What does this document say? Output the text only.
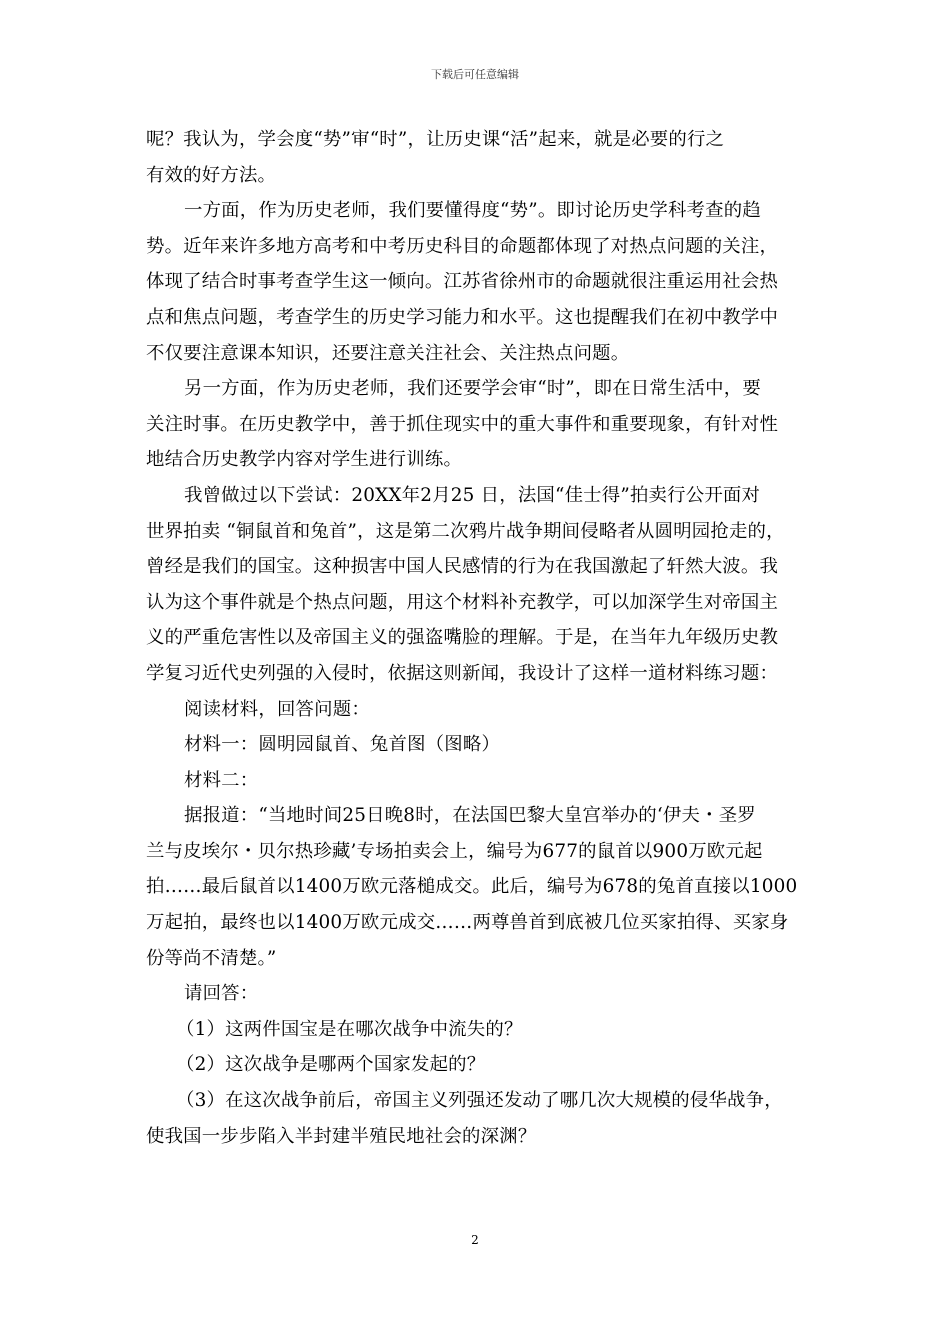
下载后可任意编辑
呢？我认为，学会度“势”审“时”，让历史课“活”起来，就是必要的行之
有效的好方法。
一方面，作为历史老师，我们要懂得度“势”。即讨论历史学科考查的趋
势。近年来许多地方高考和中考历史科目的命题都体现了对热点问题的关注，
体现了结合时事考查学生这一倾向。江苏省徐州市的命题就很注重运用社会热
点和焦点问题，考查学生的历史学习能力和水平。这也提醒我们在初中教学中
不仅要注意课本知识，还要注意关注社会、关注热点问题。
另一方面，作为历史老师，我们还要学会审“时”，即在日常生活中，要
关注时事。在历史教学中，善于抓住现实中的重大事件和重要现象，有针对性
地结合历史教学内容对学生进行训练。
我曾做过以下尝试：20XX年2月25 日，法国“佳士得”拍卖行公开面对
世界拍卖 “铜鼠首和兔首”，这是第二次鸦片战争期间侵略者从圆明园抢走的，
曾经是我们的国宝。这种损害中国人民感情的行为在我国激起了轩然大波。我
认为这个事件就是个热点问题，用这个材料补充教学，可以加深学生对帝国主
义的严重危害性以及帝国主义的强盗嘴脸的理解。于是，在当年九年级历史教
学复习近代史列强的入侵时，依据这则新闻，我设计了这样一道材料练习题：
阅读材料，回答问题：
材料一：圆明园鼠首、兔首图（图略）
材料二：
据报道：“当地时间25日晚8时，在法国巴黎大皇宫举办的‘伊夫・圣罗
兰与皮埃尔・贝尔热珍藏’专场拍卖会上，编号为677的鼠首以900万欧元起
拍……最后鼠首以1400万欧元落槌成交。此后，编号为678的兔首直接以1000
万起拍，最终也以1400万欧元成交……两尊兽首到底被几位买家拍得、买家身
份等尚不清楚。”
请回答：
（1）这两件国宝是在哪次战争中流失的？
（2）这次战争是哪两个国家发起的？
（3）在这次战争前后，帝国主义列强还发动了哪几次大规模的侵华战争，
使我国一步步陷入半封建半殖民地社会的深渊？
2
